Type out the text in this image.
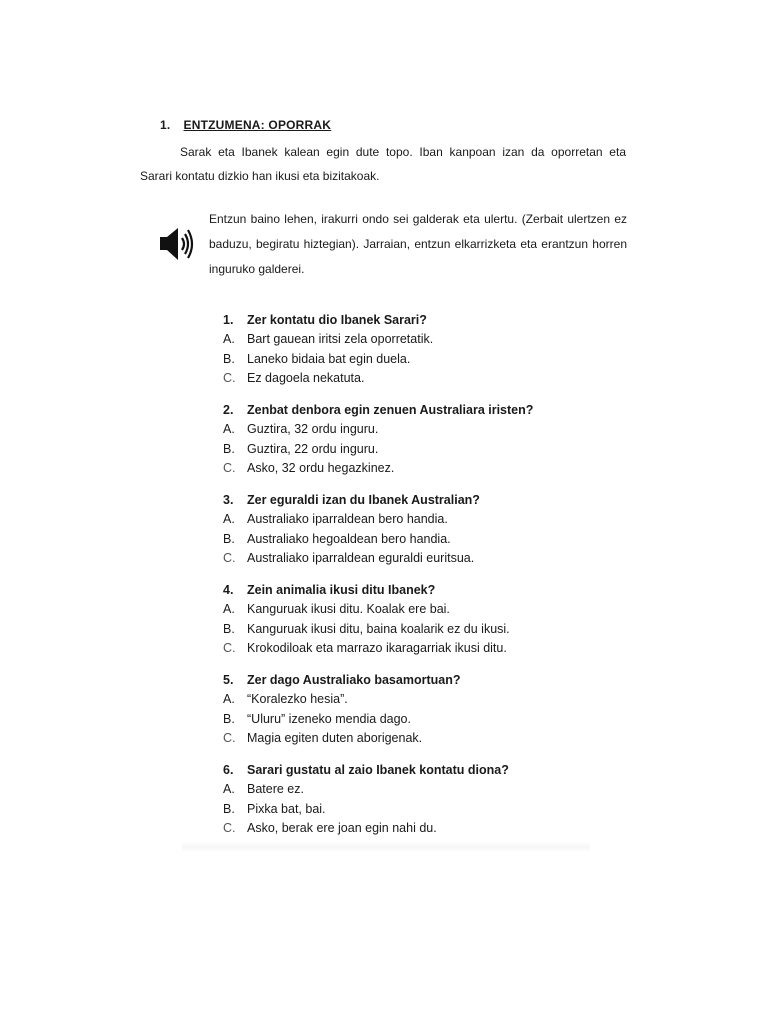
1. ENTZUMENA: OPORRAK
Sarak eta Ibanek kalean egin dute topo. Iban kanpoan izan da oporretan eta
Sarari kontatu dizkio han ikusi eta bizitakoak.

Entzun baino lehen, irakurri ondo sei galderak eta ulertu. (Zerbait ulertzen ez baduzu, begiratu hiztegian). Jarraian, entzun elkarrizketa eta erantzun horren inguruko galderei.

1.	Zer kontatu dio Ibanek Sarari?
A. Bart gauean iritsi zela oporretatik.
B. Laneko bidaia bat egin duela.
C. Ez dagoela nekatuta.
2.	Zenbat denbora egin zenuen Australiara iristen?
A. Guztira, 32 ordu inguru.
B. Guztira, 22 ordu inguru.
C. Asko, 32 ordu hegazkinez.
3.	Zer eguraldi izan du Ibanek Australian?
A. Australiako iparraldean bero handia.
B. Australiako hegoaldean bero handia.
C. Australiako iparraldean eguraldi euritsua.
4.	Zein animalia ikusi ditu Ibanek?
A. Kanguruak ikusi ditu. Koalak ere bai.
B. Kanguruak ikusi ditu, baina koalarik ez du ikusi.
C. Krokodiloak eta marrazo ikaragarriak ikusi ditu.
5.	Zer dago Australiako basamortuan?
A. “Koralezko hesia”.
B. “Uluru” izeneko mendia dago.
C. Magia egiten duten aborigenak.
6.	Sarari gustatu al zaio Ibanek kontatu diona?
A. Batere ez.
B. Pixka bat, bai.
C. Asko, berak ere joan egin nahi du.
